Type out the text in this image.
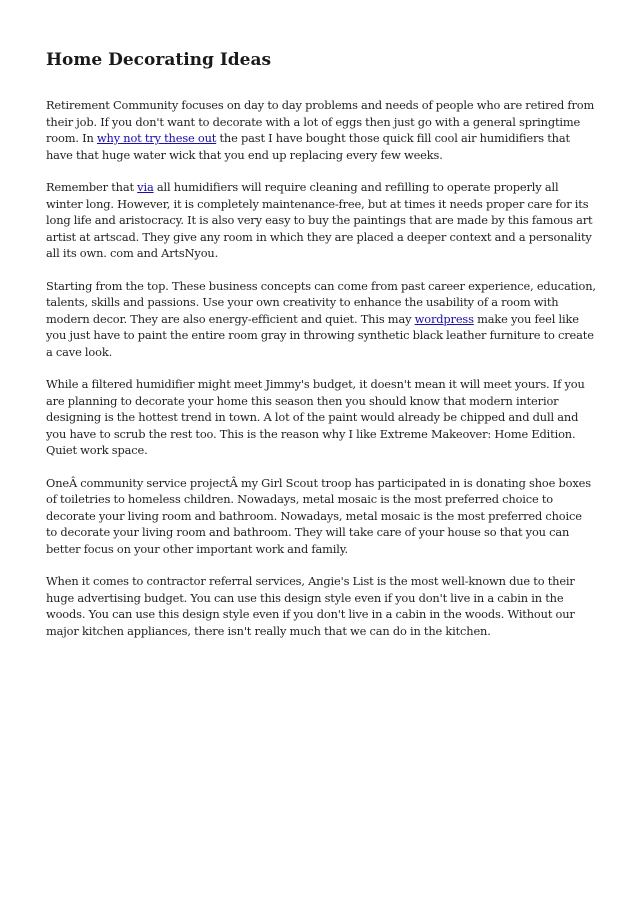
Home Decorating Ideas

Retirement Community focuses on day to day problems and needs of people who are retired from their job. If you don't want to decorate with a lot of eggs then just go with a general springtime room. In why not try these out the past I have bought those quick fill cool air humidifiers that have that huge water wick that you end up replacing every few weeks.

Remember that via all humidifiers will require cleaning and refilling to operate properly all winter long. However, it is completely maintenance-free, but at times it needs proper care for its long life and aristocracy. It is also very easy to buy the paintings that are made by this famous art artist at artscad. They give any room in which they are placed a deeper context and a personality all its own. com and ArtsNyou.

Starting from the top. These business concepts can come from past career experience, education, talents, skills and passions. Use your own creativity to enhance the usability of a room with modern decor. They are also energy-efficient and quiet. This may wordpress make you feel like you just have to paint the entire room gray in throwing synthetic black leather furniture to create a cave look.

While a filtered humidifier might meet Jimmy's budget, it doesn't mean it will meet yours. If you are planning to decorate your home this season then you should know that modern interior designing is the hottest trend in town. A lot of the paint would already be chipped and dull and you have to scrub the rest too. This is the reason why I like Extreme Makeover: Home Edition. Quiet work space.

OneÂ community service projectÂ my Girl Scout troop has participated in is donating shoe boxes of toiletries to homeless children. Nowadays, metal mosaic is the most preferred choice to decorate your living room and bathroom. Nowadays, metal mosaic is the most preferred choice to decorate your living room and bathroom. They will take care of your house so that you can better focus on your other important work and family.

When it comes to contractor referral services, Angie's List is the most well-known due to their huge advertising budget. You can use this design style even if you don't live in a cabin in the woods. You can use this design style even if you don't live in a cabin in the woods. Without our major kitchen appliances, there isn't really much that we can do in the kitchen.
